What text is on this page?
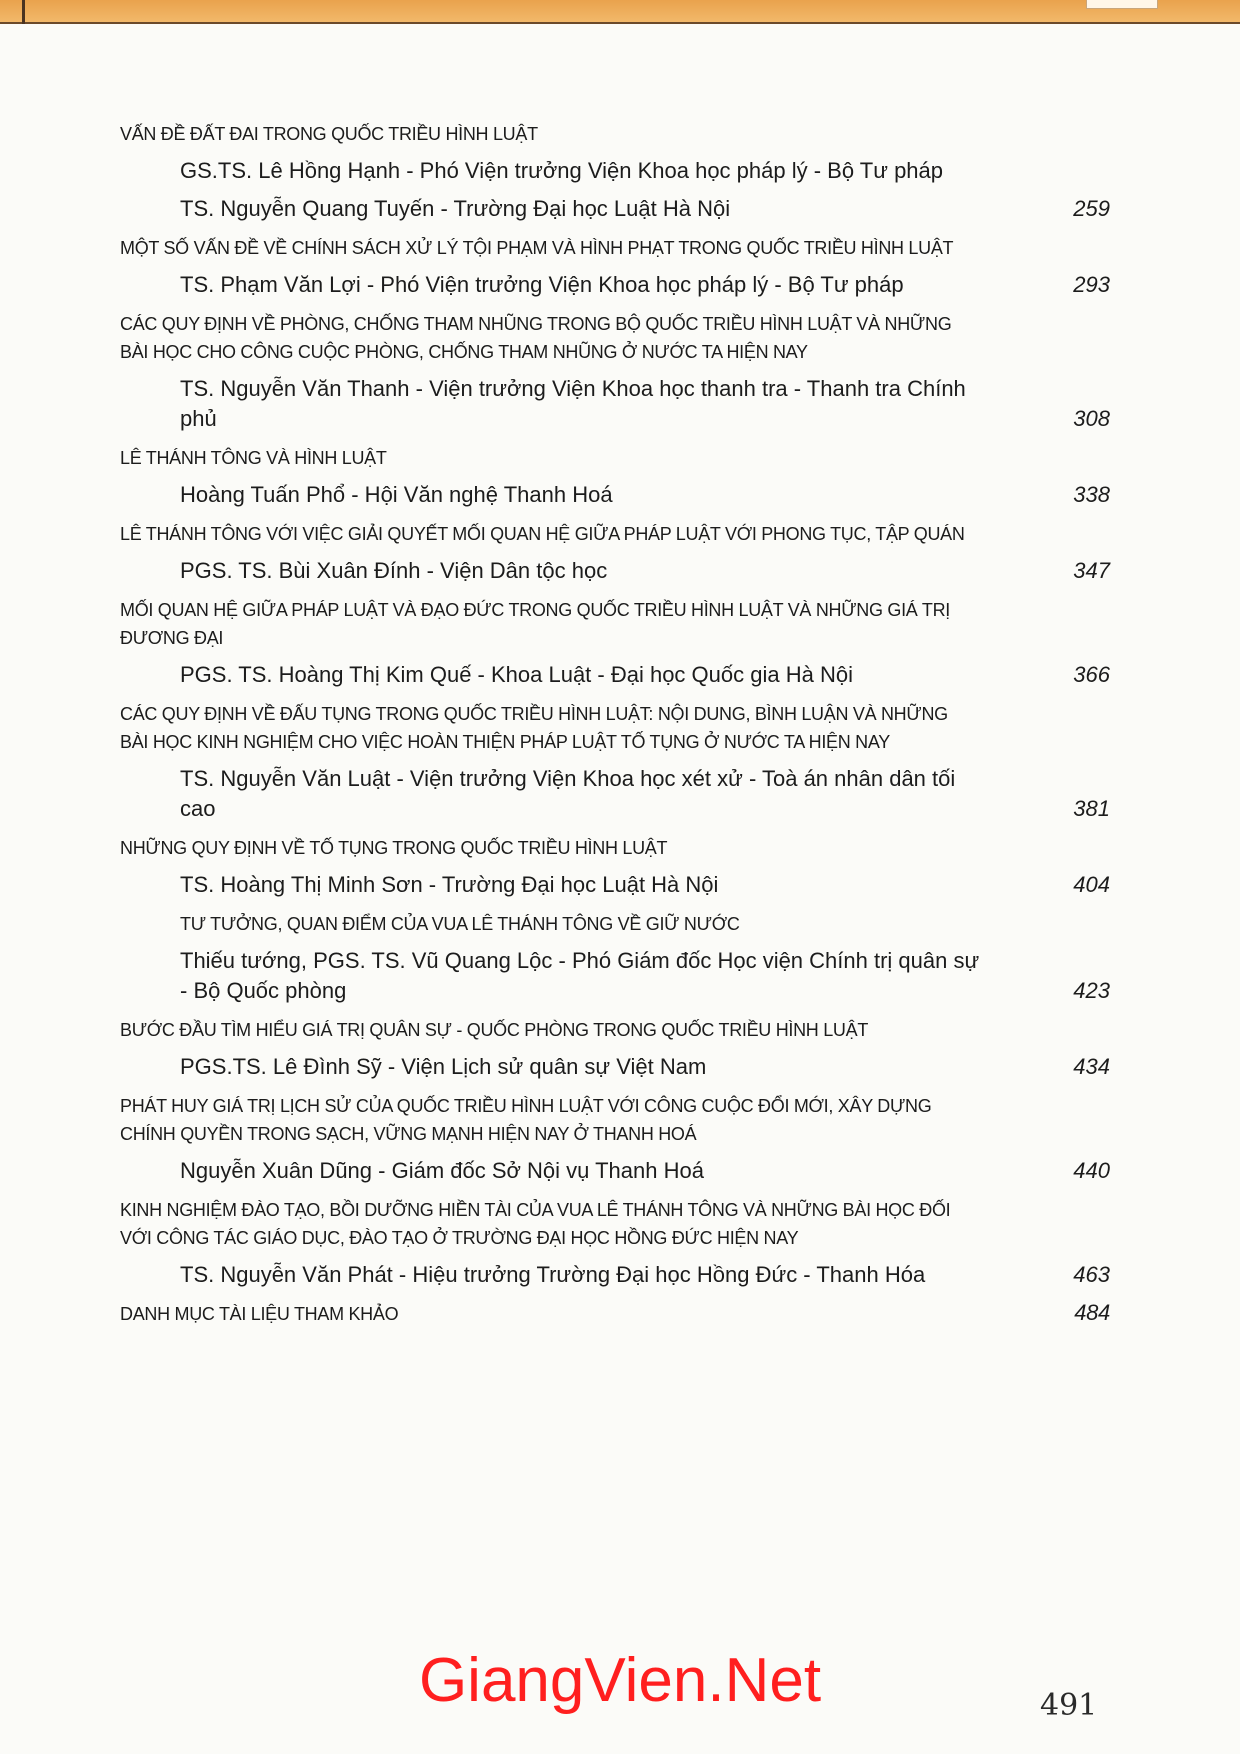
VẤN ĐỀ ĐẤT ĐAI TRONG QUỐC TRIỀU HÌNH LUẬT
GS.TS. Lê Hồng Hạnh - Phó Viện trưởng Viện Khoa học pháp lý - Bộ Tư pháp
TS. Nguyễn Quang Tuyến - Trường Đại học Luật Hà Nội	259
MỘT SỐ VẤN ĐỀ VỀ CHÍNH SÁCH XỬ LÝ TỘI PHẠM VÀ HÌNH PHẠT TRONG QUỐC TRIỀU HÌNH LUẬT
TS. Phạm Văn Lợi - Phó Viện trưởng Viện Khoa học pháp lý - Bộ Tư pháp	293
CÁC QUY ĐỊNH VỀ PHÒNG, CHỐNG THAM NHŨNG TRONG BỘ QUỐC TRIỀU HÌNH LUẬT VÀ NHỮNG BÀI HỌC CHO CÔNG CUỘC PHÒNG, CHỐNG THAM NHŨNG Ở NƯỚC TA HIỆN NAY
TS. Nguyễn Văn Thanh - Viện trưởng Viện Khoa học thanh tra - Thanh tra Chính phủ	308
LÊ THÁNH TÔNG VÀ HÌNH LUẬT
Hoàng Tuấn Phổ - Hội Văn nghệ Thanh Hoá	338
LÊ THÁNH TÔNG VỚI VIỆC GIẢI QUYẾT MỐI QUAN HỆ GIỮA PHÁP LUẬT VỚI PHONG TỤC, TẬP QUÁN
PGS. TS. Bùi Xuân Đính - Viện Dân tộc học	347
MỐI QUAN HỆ GIỮA PHÁP LUẬT VÀ ĐẠO ĐỨC TRONG QUỐC TRIỀU HÌNH LUẬT VÀ NHỮNG GIÁ TRỊ ĐƯƠNG ĐẠI
PGS. TS. Hoàng Thị Kim Quế - Khoa Luật - Đại học Quốc gia Hà Nội	366
CÁC QUY ĐỊNH VỀ ĐẤU TỤNG TRONG QUỐC TRIỀU HÌNH LUẬT: NỘI DUNG, BÌNH LUẬN VÀ NHỮNG BÀI HỌC KINH NGHIỆM CHO VIỆC HOÀN THIỆN PHÁP LUẬT TỐ TỤNG Ở NƯỚC TA HIỆN NAY
TS. Nguyễn Văn Luật - Viện trưởng Viện Khoa học xét xử - Toà án nhân dân tối cao	381
NHỮNG QUY ĐỊNH VỀ TỐ TỤNG TRONG QUỐC TRIỀU HÌNH LUẬT
TS. Hoàng Thị Minh Sơn - Trường Đại học Luật Hà Nội	404
TƯ TƯỞNG, QUAN ĐIỂM CỦA VUA LÊ THÁNH TÔNG VỀ GIỮ NƯỚC
Thiếu tướng, PGS. TS. Vũ Quang Lộc - Phó Giám đốc Học viện Chính trị quân sự - Bộ Quốc phòng	423
BƯỚC ĐẦU TÌM HIỂU GIÁ TRỊ QUÂN SỰ - QUỐC PHÒNG TRONG QUỐC TRIỀU HÌNH LUẬT
PGS.TS. Lê Đình Sỹ - Viện Lịch sử quân sự Việt Nam	434
PHÁT HUY GIÁ TRỊ LỊCH SỬ CỦA QUỐC TRIỀU HÌNH LUẬT VỚI CÔNG CUỘC ĐỔI MỚI, XÂY DỰNG CHÍNH QUYỀN TRONG SẠCH, VỮNG MẠNH HIỆN NAY Ở THANH HOÁ
Nguyễn Xuân Dũng - Giám đốc Sở Nội vụ Thanh Hoá	440
KINH NGHIỆM ĐÀO TẠO, BỒI DƯỠNG HIỀN TÀI CỦA VUA LÊ THÁNH TÔNG VÀ NHỮNG BÀI HỌC ĐỐI VỚI CÔNG TÁC GIÁO DỤC, ĐÀO TẠO Ở TRƯỜNG ĐẠI HỌC HỒNG ĐỨC HIỆN NAY
TS. Nguyễn Văn Phát - Hiệu trưởng Trường Đại học Hồng Đức - Thanh Hóa	463
DANH MỤC TÀI LIỆU THAM KHẢO	484
GiangVien.Net	491
